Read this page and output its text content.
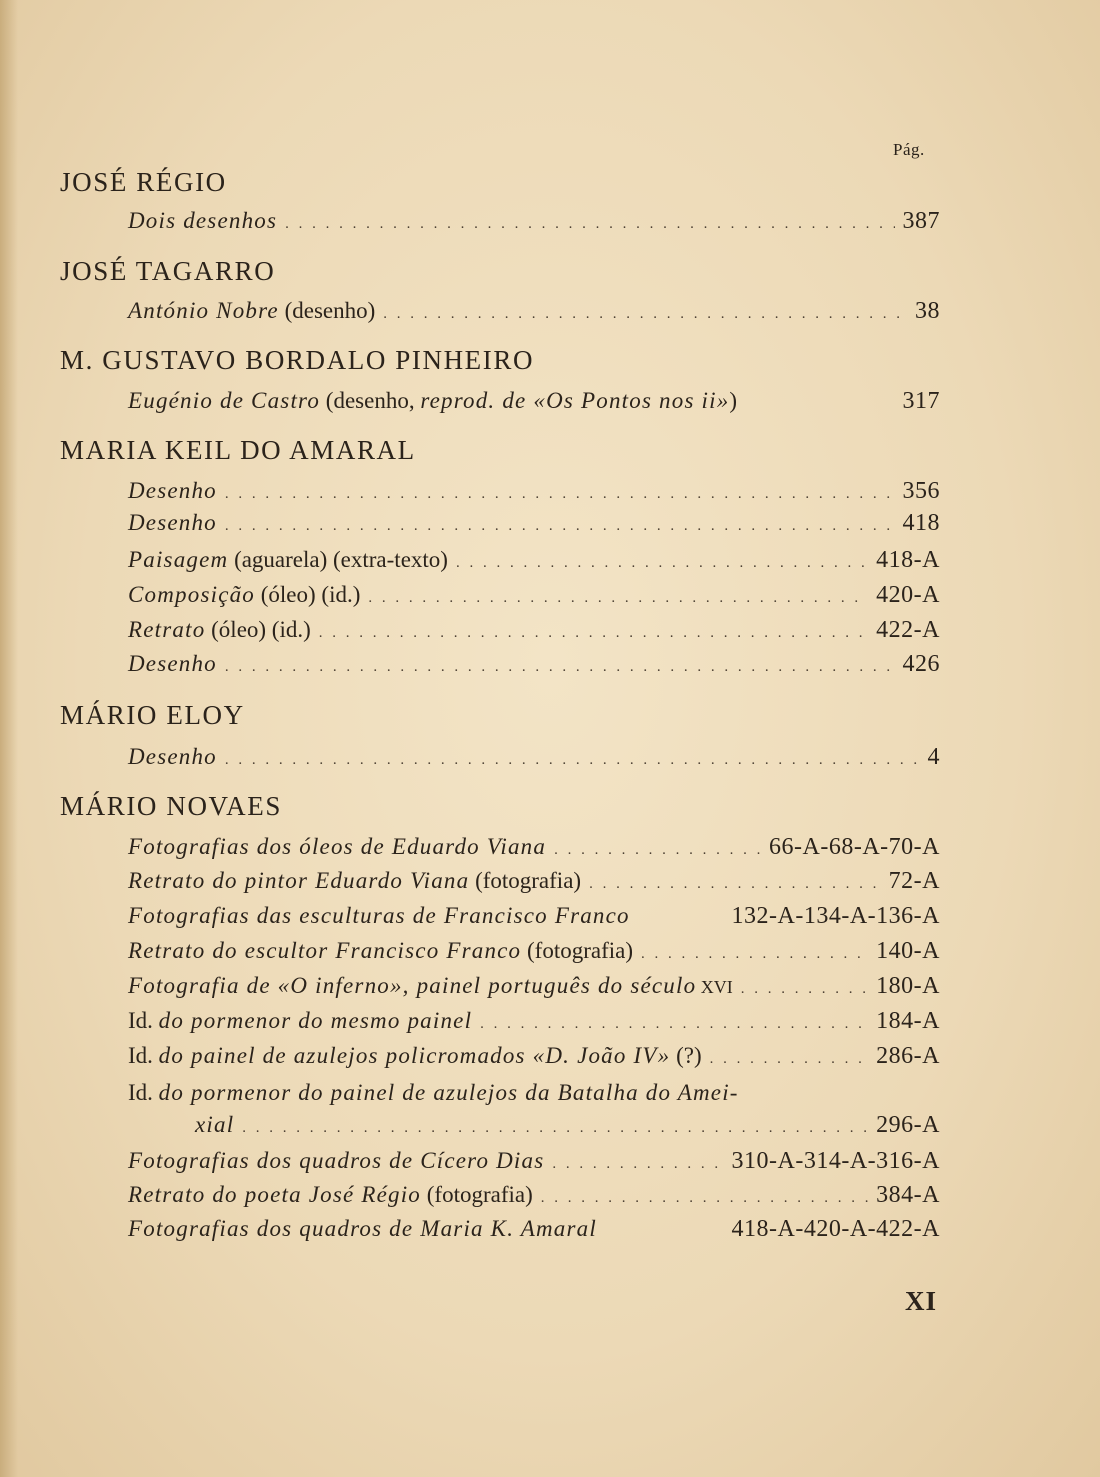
Pág.
JOSÉ RÉGIO
Dois desenhos . . .	387
JOSÉ TAGARRO
António Nobre (desenho) . . .	38
M. GUSTAVO BORDALO PINHEIRO
Eugénio de Castro (desenho, reprod. de «Os Pontos nos ii»)	317
MARIA KEIL DO AMARAL
Desenho . . .	356
Desenho . . .	418
Paisagem (aguarela) (extra-texto) . . .	418-A
Composição (óleo) (id.) . . .	420-A
Retrato (óleo) (id.) . . .	422-A
Desenho . . .	426
MÁRIO ELOY
Desenho . . .	4
MÁRIO NOVAES
Fotografias dos óleos de Eduardo Viana . . .	66-A-68-A-70-A
Retrato do pintor Eduardo Viana (fotografia) . . .	72-A
Fotografias das esculturas de Francisco Franco	132-A-134-A-136-A
Retrato do escultor Francisco Franco (fotografia) . . .	140-A
Fotografia de «O inferno», painel português do século XVI . . .	180-A
Id. do pormenor do mesmo painel . . .	184-A
Id. do painel de azulejos policromados «D. João IV» (?) . . .	286-A
Id. do pormenor do painel de azulejos da Batalha do Amei-
xial . . .	296-A
Fotografias dos quadros de Cícero Dias . . .	310-A-314-A-316-A
Retrato do poeta José Régio (fotografia) . . .	384-A
Fotografias dos quadros de Maria K. Amaral	418-A-420-A-422-A
XI
